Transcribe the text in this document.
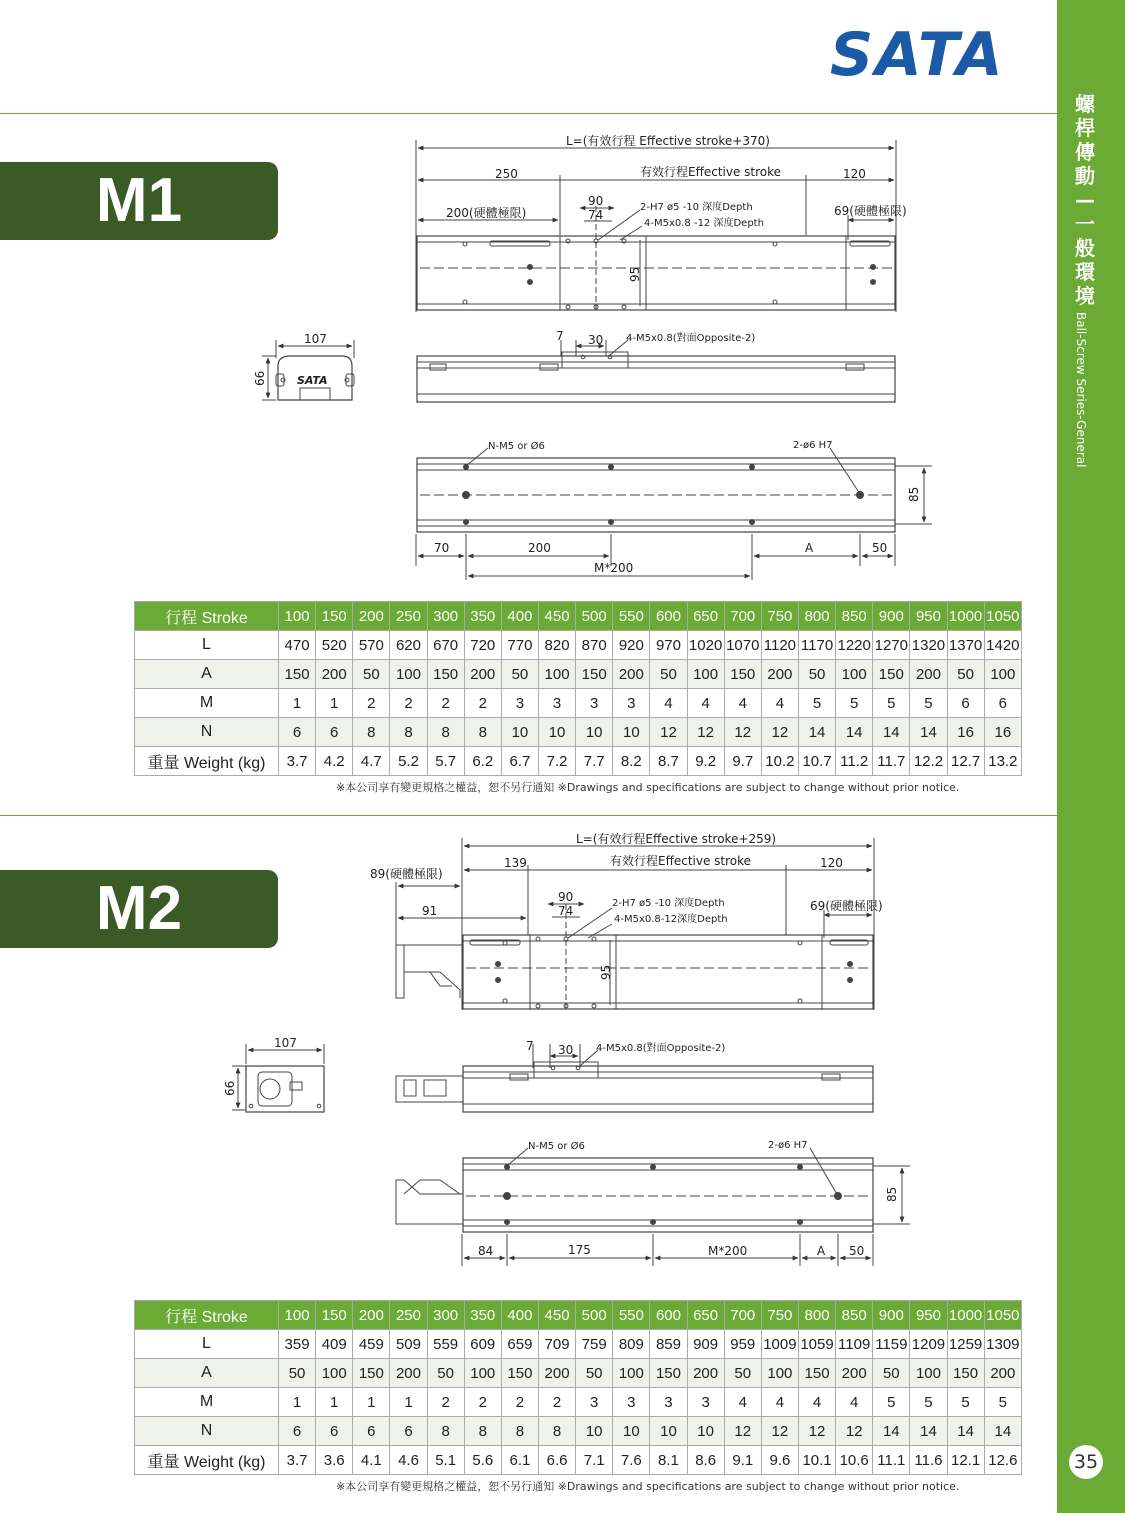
螺桿傳動—一般環境
Ball-Screw Series-General
35
SATA
M1
M2
L=(有效行程 Effective stroke+370)
250	有效行程Effective stroke	120
200(硬體極限)
90
74
2-H7 ø5 -10 深度Depth
4-M5x0.8 -12 深度Depth
69(硬體極限)
95
107
66	SATA
7 30 4-M5x0.8(對面Opposite-2)
N-M5 or Ø6	2-ø6 H7
85
70	200	A	50
M*200
L=(有效行程Effective stroke+259)
139	有效行程Effective stroke	120
89(硬體極限)
91
90
74
2-H7 ø5 -10 深度Depth
4-M5x0.8-12深度Depth
69(硬體極限)
95
107
66
7 30 4-M5x0.8(對面Opposite-2)
N-M5 or Ø6	2-ø6 H7
85
84	175	M*200	A 50
行程 Stroke	100	150	200	250	300	350	400	450	500	550	600	650	700	750	800	850	900	950	1000	1050
L	470	520	570	620	670	720	770	820	870	920	970	1020	1070	1120	1170	1220	1270	1320	1370	1420
A	150	200	50	100	150	200	50	100	150	200	50	100	150	200	50	100	150	200	50	100
M	1	1	2	2	2	2	3	3	3	3	4	4	4	4	5	5	5	5	6	6
N	6	6	8	8	8	8	10	10	10	10	12	12	12	12	14	14	14	14	16	16
重量 Weight (kg)	3.7	4.2	4.7	5.2	5.7	6.2	6.7	7.2	7.7	8.2	8.7	9.2	9.7	10.2	10.7	11.2	11.7	12.2	12.7	13.2
※本公司享有變更規格之權益，恕不另行通知 ※Drawings and specifications are subject to change without prior notice.
行程 Stroke	100	150	200	250	300	350	400	450	500	550	600	650	700	750	800	850	900	950	1000	1050
L	359	409	459	509	559	609	659	709	759	809	859	909	959	1009	1059	1109	1159	1209	1259	1309
A	50	100	150	200	50	100	150	200	50	100	150	200	50	100	150	200	50	100	150	200
M	1	1	1	1	2	2	2	2	3	3	3	3	4	4	4	4	5	5	5	5
N	6	6	6	6	8	8	8	8	10	10	10	10	12	12	12	12	14	14	14	14
重量 Weight (kg)	3.7	3.6	4.1	4.6	5.1	5.6	6.1	6.6	7.1	7.6	8.1	8.6	9.1	9.6	10.1	10.6	11.1	11.6	12.1	12.6
※本公司享有變更規格之權益，恕不另行通知 ※Drawings and specifications are subject to change without prior notice.
